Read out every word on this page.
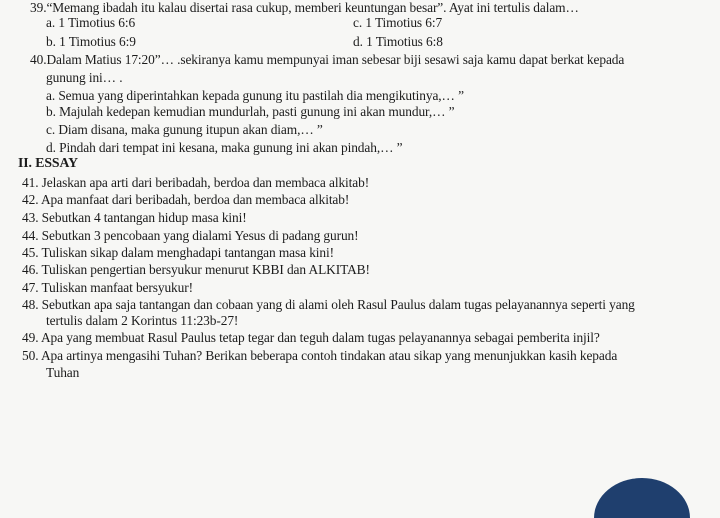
39.“Memang ibadah itu kalau disertai rasa cukup, memberi keuntungan besar”. Ayat ini tertulis dalam…
a. 1 Timotius 6:6	c. 1 Timotius 6:7
b. 1 Timotius 6:9	d. 1 Timotius 6:8
40.Dalam Matius 17:20”… .sekiranya kamu mempunyai iman sebesar biji sesawi saja kamu dapat berkat kepada
gunung ini… .
a. Semua yang diperintahkan kepada gunung itu pastilah dia mengikutinya,… ”
b. Majulah kedepan kemudian mundurlah, pasti gunung ini akan mundur,… ”
c. Diam disana, maka gunung itupun akan diam,… ”
d. Pindah dari tempat ini kesana, maka gunung ini akan pindah,… ”
II. ESSAY
41. Jelaskan apa arti dari beribadah, berdoa dan membaca alkitab!
42. Apa manfaat dari beribadah, berdoa dan membaca alkitab!
43. Sebutkan 4 tantangan hidup masa kini!
44. Sebutkan 3 pencobaan yang dialami Yesus di padang gurun!
45. Tuliskan sikap dalam menghadapi tantangan masa kini!
46. Tuliskan pengertian bersyukur menurut KBBI dan ALKITAB!
47. Tuliskan manfaat bersyukur!
48. Sebutkan apa saja tantangan dan cobaan yang di alami oleh Rasul Paulus dalam tugas pelayanannya seperti yang
tertulis dalam 2 Korintus 11:23b-27!
49. Apa yang membuat Rasul Paulus tetap tegar dan teguh dalam tugas pelayanannya sebagai pemberita injil?
50. Apa artinya mengasihi Tuhan? Berikan beberapa contoh tindakan atau sikap yang menunjukkan kasih kepada
Tuhan
